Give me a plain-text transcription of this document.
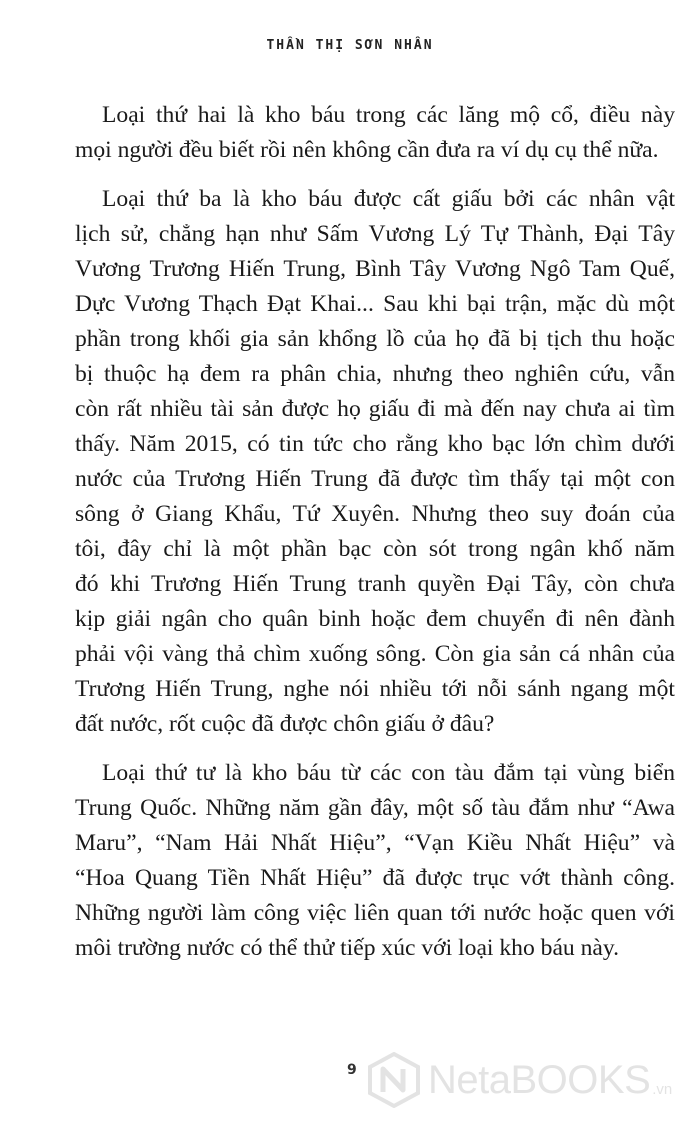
THẦN THỊ SƠN NHÂN
Loại thứ hai là kho báu trong các lăng mộ cổ, điều này
mọi người đều biết rồi nên không cần đưa ra ví dụ cụ thể nữa.
Loại thứ ba là kho báu được cất giấu bởi các nhân vật
lịch sử, chẳng hạn như Sấm Vương Lý Tự Thành, Đại Tây
Vương Trương Hiến Trung, Bình Tây Vương Ngô Tam Quế,
Dực Vương Thạch Đạt Khai... Sau khi bại trận, mặc dù một
phần trong khối gia sản khổng lồ của họ đã bị tịch thu hoặc
bị thuộc hạ đem ra phân chia, nhưng theo nghiên cứu, vẫn
còn rất nhiều tài sản được họ giấu đi mà đến nay chưa ai tìm
thấy. Năm 2015, có tin tức cho rằng kho bạc lớn chìm dưới
nước của Trương Hiến Trung đã được tìm thấy tại một con
sông ở Giang Khẩu, Tứ Xuyên. Nhưng theo suy đoán của
tôi, đây chỉ là một phần bạc còn sót trong ngân khố năm
đó khi Trương Hiến Trung tranh quyền Đại Tây, còn chưa
kịp giải ngân cho quân binh hoặc đem chuyển đi nên đành
phải vội vàng thả chìm xuống sông. Còn gia sản cá nhân của
Trương Hiến Trung, nghe nói nhiều tới nỗi sánh ngang một
đất nước, rốt cuộc đã được chôn giấu ở đâu?
Loại thứ tư là kho báu từ các con tàu đắm tại vùng biển
Trung Quốc. Những năm gần đây, một số tàu đắm như “Awa
Maru”, “Nam Hải Nhất Hiệu”, “Vạn Kiều Nhất Hiệu” và
“Hoa Quang Tiền Nhất Hiệu” đã được trục vớt thành công.
Những người làm công việc liên quan tới nước hoặc quen với
môi trường nước có thể thử tiếp xúc với loại kho báu này.
9 NetaBOOKS .vn
